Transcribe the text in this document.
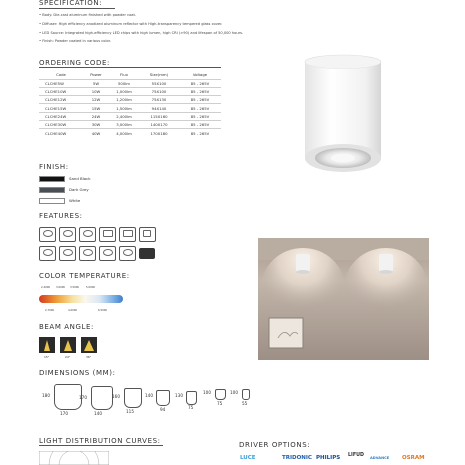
SPECIFICATION:
• Body: Die-cast aluminum finished with powder coat.
• Diffuser: High efficiency anodized aluminum reflector with High-transparency tempered glass cover.
• LED Source: Integrated high-efficiency LED chips with high lumen, high CRI (>90) and lifespan of 50,000 hours.
• Finish: Powder coated in various color.
ORDERING CODE:
Code	Power	Flux	Size(mm)	Voltage
CLCHE5W	5W	500lm	55X100	85 - 265V
CLCHE10W	10W	1,000lm	75X100	85 - 265V
CLCHE12W	12W	1,200lm	75X130	85 - 265V
CLCHE15W	15W	1,500lm	94X140	85 - 265V
CLCHE24W	24W	2,400lm	115X160	85 - 265V
CLCHE30W	30W	3,000lm	140X170	85 - 265V
CLCHE40W	40W	4,000lm	170X180	85 - 265V
FINISH:
Sand Black
Dark Grey
White
FEATURES:
COLOR TEMPERATURE:
2,400K 3,000K 3,500K	5,000K
2,700K	4,000K	6,500K
BEAM ANGLE:
15°	24°	36°
DIMENSIONS (MM):
180
170
170
140
160
115
140
94
130
75
100
75
100
55
LIGHT DISTRIBUTION CURVES:	DRIVER OPTIONS:
LUCE	TRIDONIC PHILIPS LIFUD ADVANCE OSRAM
